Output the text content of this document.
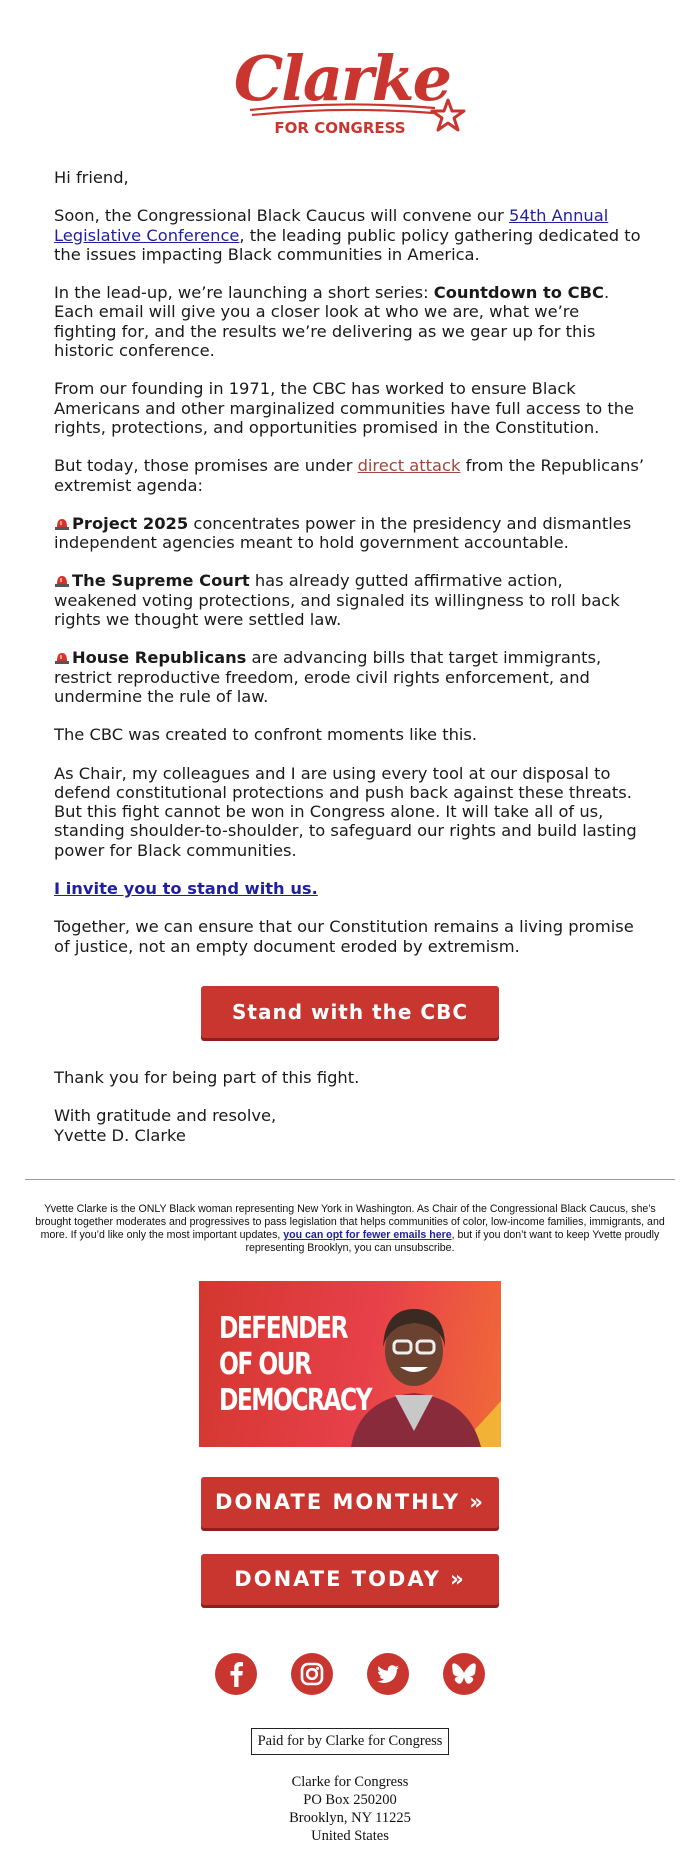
Clarke
FOR CONGRESS

Hi friend,

Soon, the Congressional Black Caucus will convene our 54th Annual Legislative Conference, the leading public policy gathering dedicated to the issues impacting Black communities in America.

In the lead-up, we’re launching a short series: Countdown to CBC. Each email will give you a closer look at who we are, what we’re fighting for, and the results we’re delivering as we gear up for this historic conference.

From our founding in 1971, the CBC has worked to ensure Black Americans and other marginalized communities have full access to the rights, protections, and opportunities promised in the Constitution.

But today, those promises are under direct attack from the Republicans’ extremist agenda:

Project 2025 concentrates power in the presidency and dismantles independent agencies meant to hold government accountable.

The Supreme Court has already gutted affirmative action, weakened voting protections, and signaled its willingness to roll back rights we thought were settled law.

House Republicans are advancing bills that target immigrants, restrict reproductive freedom, erode civil rights enforcement, and undermine the rule of law.

The CBC was created to confront moments like this.

As Chair, my colleagues and I are using every tool at our disposal to defend constitutional protections and push back against these threats. But this fight cannot be won in Congress alone. It will take all of us, standing shoulder-to-shoulder, to safeguard our rights and build lasting power for Black communities.

I invite you to stand with us.

Together, we can ensure that our Constitution remains a living promise of justice, not an empty document eroded by extremism.

Stand with the CBC

Thank you for being part of this fight.

With gratitude and resolve,

Yvette D. Clarke

Yvette Clarke is the ONLY Black woman representing New York in Washington. As Chair of the Congressional Black Caucus, she’s brought together moderates and progressives to pass legislation that helps communities of color, low-income families, immigrants, and more. If you’d like only the most important updates, you can opt for fewer emails here, but if you don’t want to keep Yvette proudly representing Brooklyn, you can unsubscribe.
DEFENDER
OF OUR
DEMOCRACY
DONATE MONTHLY »
DONATE TODAY »
Paid for by Clarke for Congress
Clarke for Congress
PO Box 250200
Brooklyn, NY 11225
United States
